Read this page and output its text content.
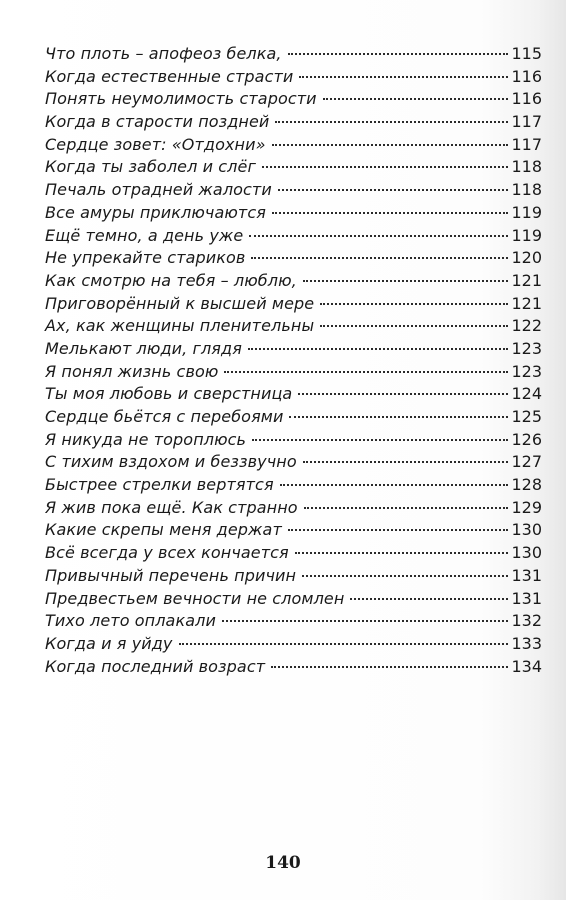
Что плоть – апофеоз белка,	115
Когда естественные страсти	116
Понять неумолимость старости	116
Когда в старости поздней	117
Сердце зовет: «Отдохни»	117
Когда ты заболел и слёг	118
Печаль отрадней жалости	118
Все амуры приключаются	119
Ещё темно, а день уже	119
Не упрекайте стариков	120
Как смотрю на тебя – люблю,	121
Приговорённый к высшей мере	121
Ах, как женщины пленительны	122
Мелькают люди, глядя	123
Я понял жизнь свою	123
Ты моя любовь и сверстница	124
Сердце бьётся с перебоями	125
Я никуда не тороплюсь	126
С тихим вздохом и беззвучно	127
Быстрее стрелки вертятся	128
Я жив пока ещё. Как странно	129
Какие скрепы меня держат	130
Всё всегда у всех кончается	130
Привычный перечень причин	131
Предвестьем вечности не сломлен	131
Тихо лето оплакали	132
Когда и я уйду	133
Когда последний возраст	134
140
